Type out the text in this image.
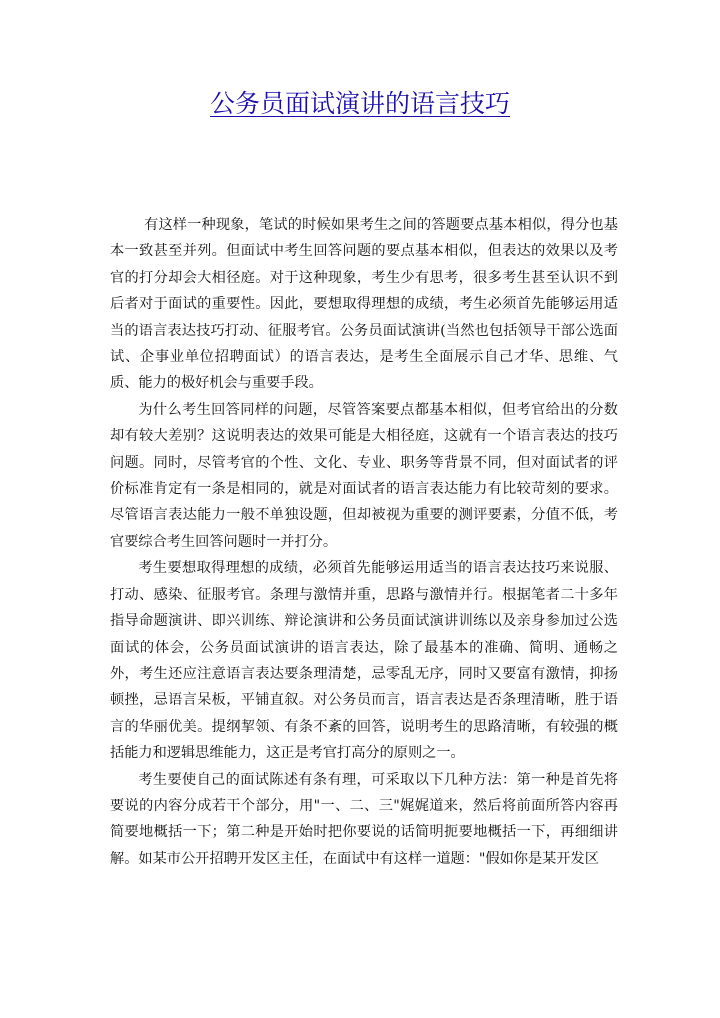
公务员面试演讲的语言技巧

有这样一种现象，笔试的时候如果考生之间的答题要点基本相似，得分也基本一致甚至并列。但面试中考生回答问题的要点基本相似，但表达的效果以及考官的打分却会大相径庭。对于这种现象，考生少有思考，很多考生甚至认识不到后者对于面试的重要性。因此，要想取得理想的成绩，考生必须首先能够运用适当的语言表达技巧打动、征服考官。公务员面试演讲(当然也包括领导干部公选面试、企事业单位招聘面试）的语言表达，是考生全面展示自己才华、思维、气质、能力的极好机会与重要手段。

为什么考生回答同样的问题，尽管答案要点都基本相似，但考官给出的分数却有较大差别？这说明表达的效果可能是大相径庭，这就有一个语言表达的技巧问题。同时，尽管考官的个性、文化、专业、职务等背景不同，但对面试者的评价标准肯定有一条是相同的，就是对面试者的语言表达能力有比较苛刻的要求。尽管语言表达能力一般不单独设题，但却被视为重要的测评要素，分值不低，考官要综合考生回答问题时一并打分。

考生要想取得理想的成绩，必须首先能够运用适当的语言表达技巧来说服、打动、感染、征服考官。条理与激情并重，思路与激情并行。根据笔者二十多年指导命题演讲、即兴训练、辩论演讲和公务员面试演讲训练以及亲身参加过公选面试的体会，公务员面试演讲的语言表达，除了最基本的准确、简明、通畅之外，考生还应注意语言表达要条理清楚，忌零乱无序，同时又要富有激情，抑扬顿挫，忌语言呆板，平铺直叙。对公务员而言，语言表达是否条理清晰，胜于语言的华丽优美。提纲挈领、有条不紊的回答，说明考生的思路清晰，有较强的概括能力和逻辑思维能力，这正是考官打高分的原则之一。

考生要使自己的面试陈述有条有理，可采取以下几种方法：第一种是首先将要说的内容分成若干个部分，用"一、二、三"娓娓道来，然后将前面所答内容再简要地概括一下；第二种是开始时把你要说的话简明扼要地概括一下，再细细讲解。如某市公开招聘开发区主任，在面试中有这样一道题："假如你是某开发区
